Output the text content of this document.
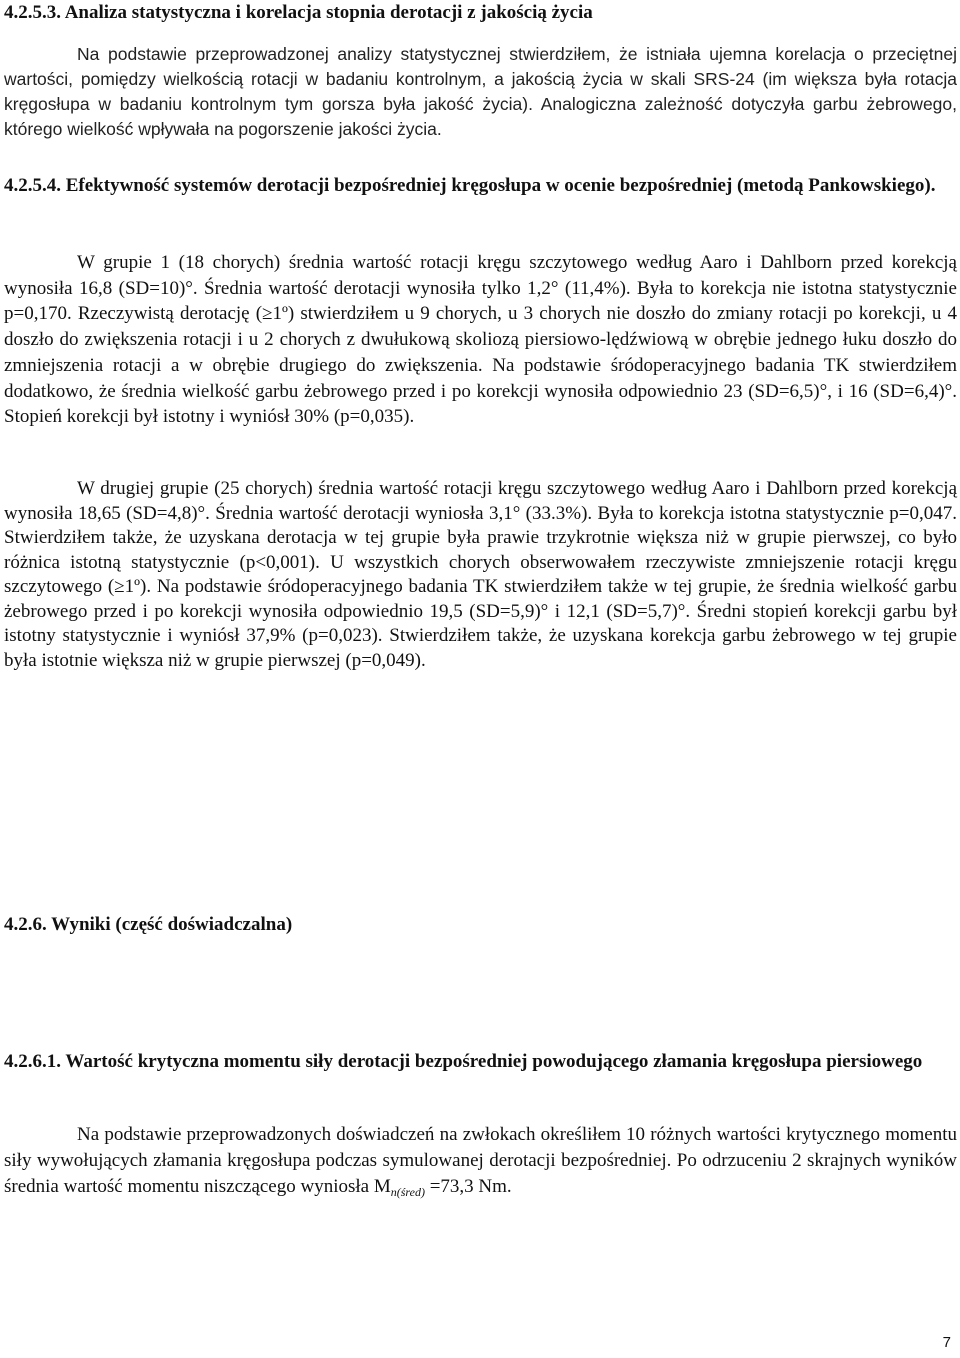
4.2.5.3. Analiza statystyczna i korelacja stopnia derotacji z jakością życia

Na podstawie przeprowadzonej analizy statystycznej stwierdziłem, że istniała ujemna korelacja o przeciętnej wartości, pomiędzy wielkością rotacji w badaniu kontrolnym, a jakością życia w skali SRS-24 (im większa była rotacja kręgosłupa w badaniu kontrolnym tym gorsza była jakość życia). Analogiczna zależność dotyczyła garbu żebrowego, którego wielkość wpływała na pogorszenie jakości życia.

4.2.5.4. Efektywność systemów derotacji bezpośredniej kręgosłupa w ocenie bezpośredniej (metodą Pankowskiego).

W grupie 1 (18 chorych) średnia wartość rotacji kręgu szczytowego według Aaro i Dahlborn przed korekcją wynosiła 16,8 (SD=10)°. Średnia wartość derotacji wynosiła tylko 1,2° (11,4%). Była to korekcja nie istotna statystycznie p=0,170. Rzeczywistą derotację (≥1º) stwierdziłem u 9 chorych, u 3 chorych nie doszło do zmiany rotacji po korekcji, u 4 doszło do zwiększenia rotacji i u 2 chorych z dwułukową skoliozą piersiowo-lędźwiową w obrębie jednego łuku doszło do zmniejszenia rotacji a w obrębie drugiego do zwiększenia. Na podstawie śródoperacyjnego badania TK stwierdziłem dodatkowo, że średnia wielkość garbu żebrowego przed i po korekcji wynosiła odpowiednio 23 (SD=6,5)°, i 16 (SD=6,4)°. Stopień korekcji był istotny i wyniósł 30% (p=0,035).

W drugiej grupie (25 chorych) średnia wartość rotacji kręgu szczytowego według Aaro i Dahlborn przed korekcją wynosiła 18,65 (SD=4,8)°. Średnia wartość derotacji wyniosła 3,1° (33.3%). Była to korekcja istotna statystycznie p=0,047. Stwierdziłem także, że uzyskana derotacja w tej grupie była prawie trzykrotnie większa niż w grupie pierwszej, co było różnica istotną statystycznie (p<0,001). U wszystkich chorych obserwowałem rzeczywiste zmniejszenie rotacji kręgu szczytowego (≥1º). Na podstawie śródoperacyjnego badania TK stwierdziłem także w tej grupie, że średnia wielkość garbu żebrowego przed i po korekcji wynosiła odpowiednio 19,5 (SD=5,9)° i 12,1 (SD=5,7)°. Średni stopień korekcji garbu był istotny statystycznie i wyniósł 37,9% (p=0,023). Stwierdziłem także, że uzyskana korekcja garbu żebrowego w tej grupie była istotnie większa niż w grupie pierwszej (p=0,049).

4.2.6. Wyniki (część doświadczalna)
4.2.6.1. Wartość krytyczna momentu siły derotacji bezpośredniej powodującego złamania kręgosłupa piersiowego

Na podstawie przeprowadzonych doświadczeń na zwłokach określiłem 10 różnych wartości krytycznego momentu siły wywołujących złamania kręgosłupa podczas symulowanej derotacji bezpośredniej. Po odrzuceniu 2 skrajnych wyników średnia wartość momentu niszczącego wyniosła $M_{n(śred)} =73,3$ Nm.

7
